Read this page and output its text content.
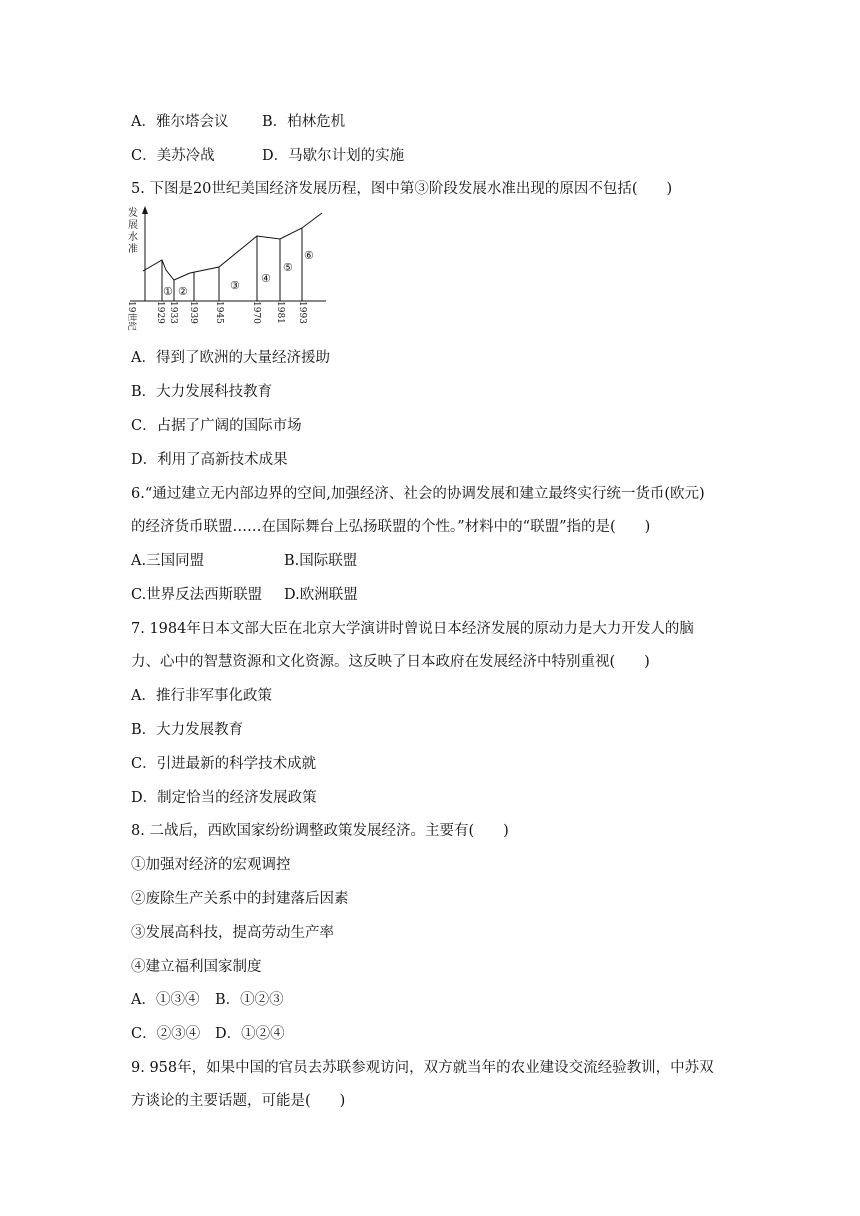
A．雅尔塔会议 B．柏林危机
C．美苏冷战	D．马歇尔计划的实施
5. 下图是20世纪美国经济发展历程，图中第③阶段发展水准出现的原因不包括(　　)
发
展
水
准
① ②	③
④
⑤
⑥
19世纪 1929 1933 1939 1945	1970 1981 1993
A．得到了欧洲的大量经济援助
B．大力发展科技教育
C．占据了广阔的国际市场
D．利用了高新技术成果
6.“通过建立无内部边界的空间,加强经济、社会的协调发展和建立最终实行统一货币(欧元)
的经济货币联盟……在国际舞台上弘扬联盟的个性。”材料中的“联盟”指的是(　　)
A.三国同盟	B.国际联盟
C.世界反法西斯联盟 D.欧洲联盟
7. 1984年日本文部大臣在北京大学演讲时曾说日本经济发展的原动力是大力开发人的脑
力、心中的智慧资源和文化资源。这反映了日本政府在发展经济中特别重视(　　)
A．推行非军事化政策
B．大力发展教育
C．引进最新的科学技术成就
D．制定恰当的经济发展政策
8. 二战后，西欧国家纷纷调整政策发展经济。主要有(　　)
①加强对经济的宏观调控
②废除生产关系中的封建落后因素
③发展高科技，提高劳动生产率
④建立福利国家制度
A．①③④ B．①②③
C．②③④ D．①②④
9. 958年，如果中国的官员去苏联参观访问，双方就当年的农业建设交流经验教训，中苏双
方谈论的主要话题，可能是(　　)
